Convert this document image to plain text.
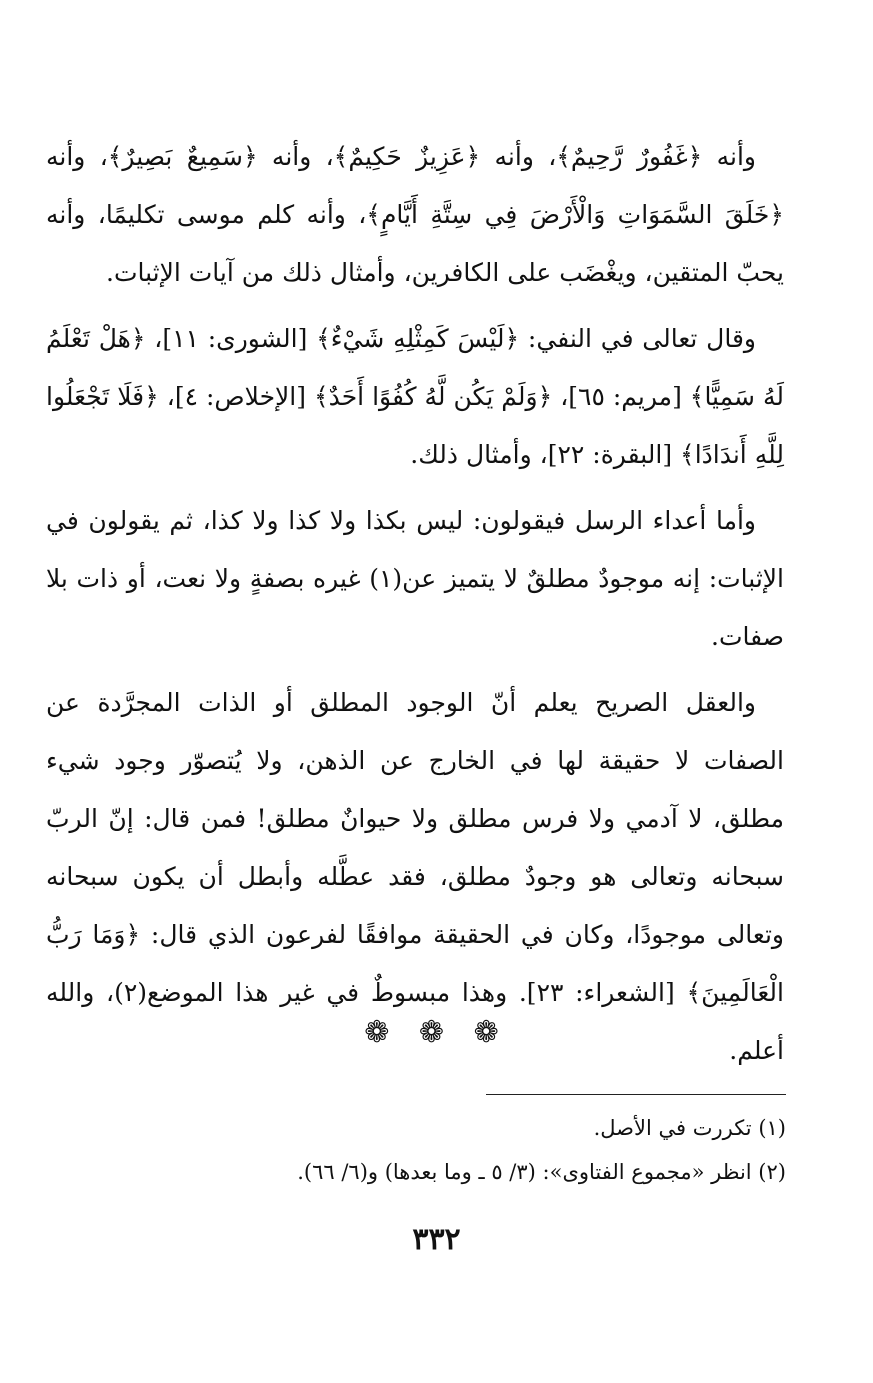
وأنه ﴿غَفُورٌ رَّحِيمٌ﴾، وأنه ﴿عَزِيزٌ حَكِيمٌ﴾، وأنه ﴿سَمِيعٌ بَصِيرٌ﴾، وأنه ﴿خَلَقَ السَّمَوَاتِ وَالْأَرْضَ فِي سِتَّةِ أَيَّامٍ﴾، وأنه كلم موسى تكليمًا، وأنه يحبّ المتقين، ويغْضَب على الكافرين، وأمثال ذلك من آيات الإثبات.

وقال تعالى في النفي: ﴿لَيْسَ كَمِثْلِهِ شَيْءٌ﴾ [الشورى: ١١]، ﴿هَلْ تَعْلَمُ لَهُ سَمِيًّا﴾ [مريم: ٦٥]، ﴿وَلَمْ يَكُن لَّهُ كُفُوًا أَحَدٌ﴾ [الإخلاص: ٤]، ﴿فَلَا تَجْعَلُوا لِلَّهِ أَندَادًا﴾ [البقرة: ٢٢]، وأمثال ذلك.

وأما أعداء الرسل فيقولون: ليس بكذا ولا كذا ولا كذا، ثم يقولون في الإثبات: إنه موجودٌ مطلقٌ لا يتميز عن(١) غيره بصفةٍ ولا نعت، أو ذات بلا صفات.

والعقل الصريح يعلم أنّ الوجود المطلق أو الذات المجرَّدة عن الصفات لا حقيقة لها في الخارج عن الذهن، ولا يُتصوّر وجود شيء مطلق، لا آدمي ولا فرس مطلق ولا حيوانٌ مطلق! فمن قال: إنّ الربّ سبحانه وتعالى هو وجودٌ مطلق، فقد عطَّله وأبطل أن يكون سبحانه وتعالى موجودًا، وكان في الحقيقة موافقًا لفرعون الذي قال: ﴿وَمَا رَبُّ الْعَالَمِينَ﴾ [الشعراء: ٢٣]. وهذا مبسوطٌ في غير هذا الموضع(٢)، والله أعلم.

❁ ❁ ❁

(١) تكررت في الأصل.

(٢) انظر «مجموع الفتاوى»: (٣/ ٥ ـ وما بعدها) و(٦/ ٦٦).

٣٣٢
